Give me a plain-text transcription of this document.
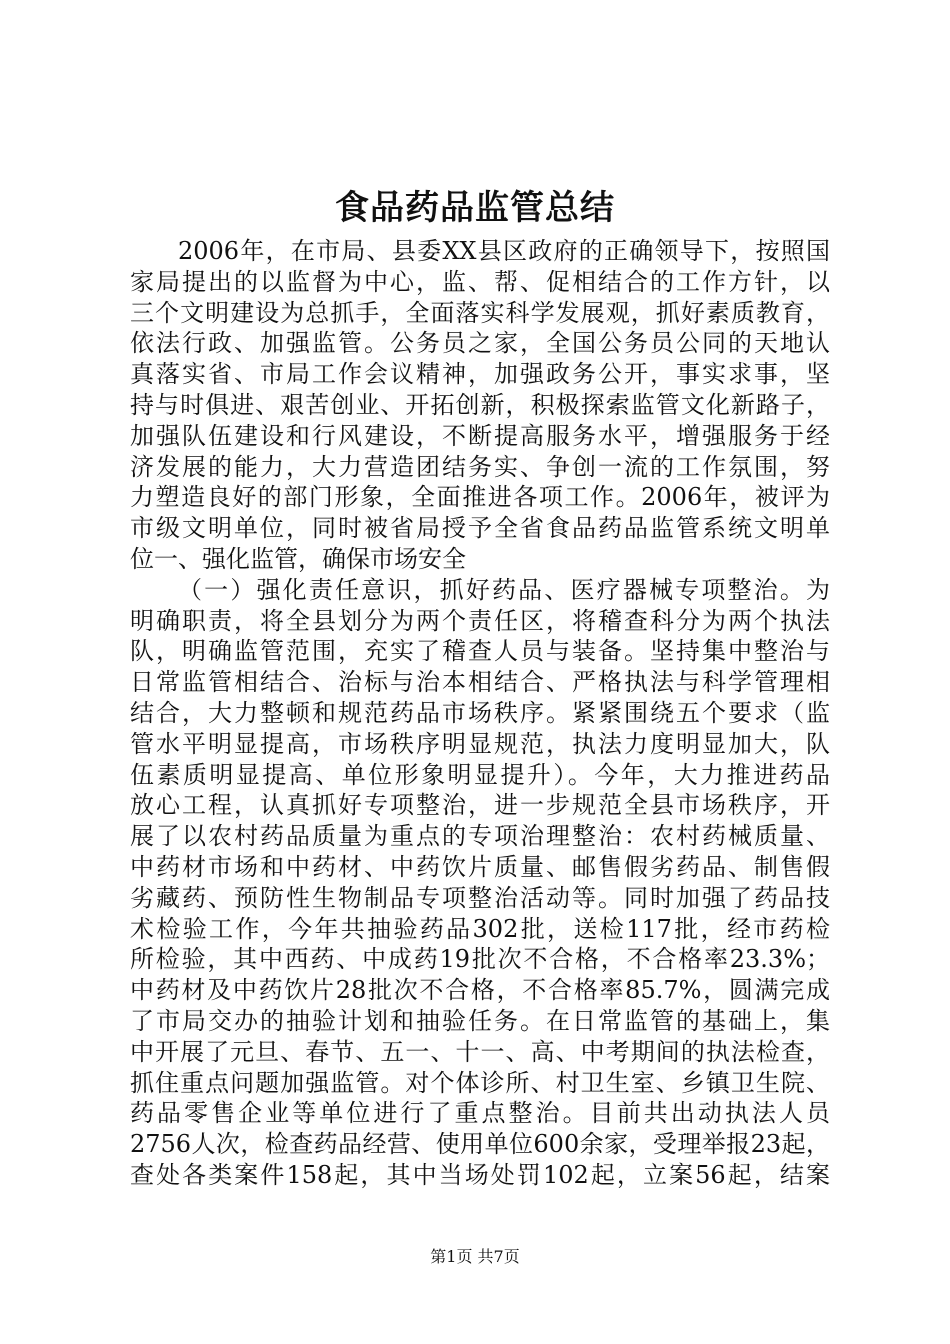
食品药品监管总结
2006年，在市局、县委XX县区政府的正确领导下，按照国
家局提出的以监督为中心，监、帮、促相结合的工作方针，以
三个文明建设为总抓手，全面落实科学发展观，抓好素质教育，
依法行政、加强监管。公务员之家，全国公务员公同的天地认
真落实省、市局工作会议精神，加强政务公开，事实求事，坚
持与时俱进、艰苦创业、开拓创新，积极探索监管文化新路子，
加强队伍建设和行风建设，不断提高服务水平，增强服务于经
济发展的能力，大力营造团结务实、争创一流的工作氛围，努
力塑造良好的部门形象，全面推进各项工作。2006年，被评为
市级文明单位，同时被省局授予全省食品药品监管系统文明单
位一、强化监管，确保市场安全
（一）强化责任意识，抓好药品、医疗器械专项整治。为
明确职责，将全县划分为两个责任区，将稽查科分为两个执法
队，明确监管范围，充实了稽查人员与装备。坚持集中整治与
日常监管相结合、治标与治本相结合、严格执法与科学管理相
结合，大力整顿和规范药品市场秩序。紧紧围绕五个要求（监
管水平明显提高，市场秩序明显规范，执法力度明显加大，队
伍素质明显提高、单位形象明显提升）。今年，大力推进药品
放心工程，认真抓好专项整治，进一步规范全县市场秩序，开
展了以农村药品质量为重点的专项治理整治：农村药械质量、
中药材市场和中药材、中药饮片质量、邮售假劣药品、制售假
劣藏药、预防性生物制品专项整治活动等。同时加强了药品技
术检验工作，今年共抽验药品302批，送检117批，经市药检
所检验，其中西药、中成药19批次不合格，不合格率23.3%；
中药材及中药饮片28批次不合格，不合格率85.7%，圆满完成
了市局交办的抽验计划和抽验任务。在日常监管的基础上，集
中开展了元旦、春节、五一、十一、高、中考期间的执法检查，
抓住重点问题加强监管。对个体诊所、村卫生室、乡镇卫生院、
药品零售企业等单位进行了重点整治。目前共出动执法人员
2756人次，检查药品经营、使用单位600余家，受理举报23起，
查处各类案件158起，其中当场处罚102起，立案56起，结案
第1页 共7页
